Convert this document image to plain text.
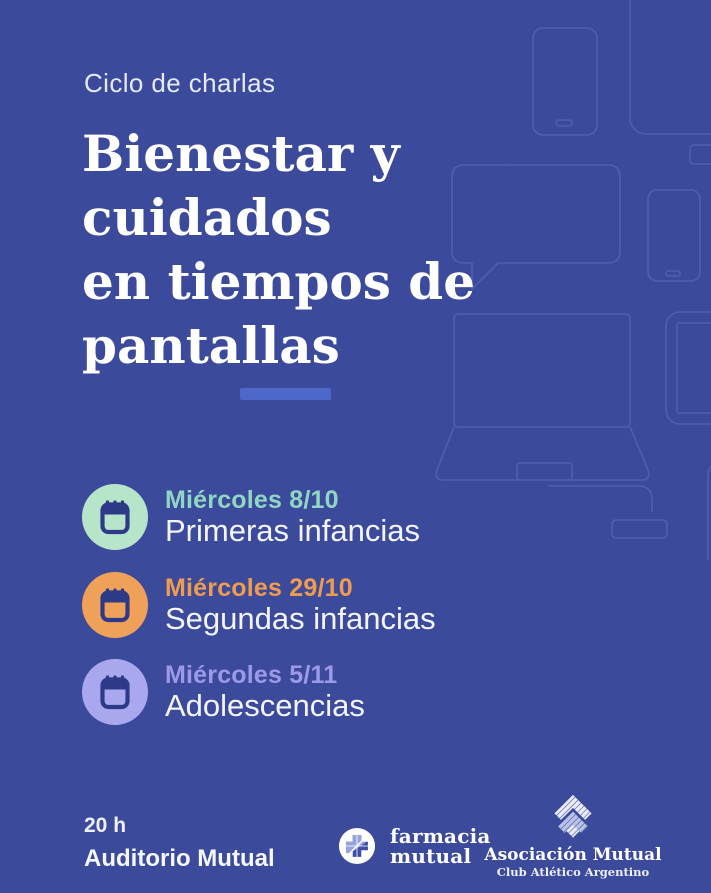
Ciclo de charlas
Bienestar y
cuidados
en tiempos de
pantallas
Miércoles 8/10
Primeras infancias
Miércoles 29/10
Segundas infancias
Miércoles 5/11
Adolescencias
20 h
Auditorio Mutual
farmacia
mutual Asociación Mutual
Club Atlético Argentino
